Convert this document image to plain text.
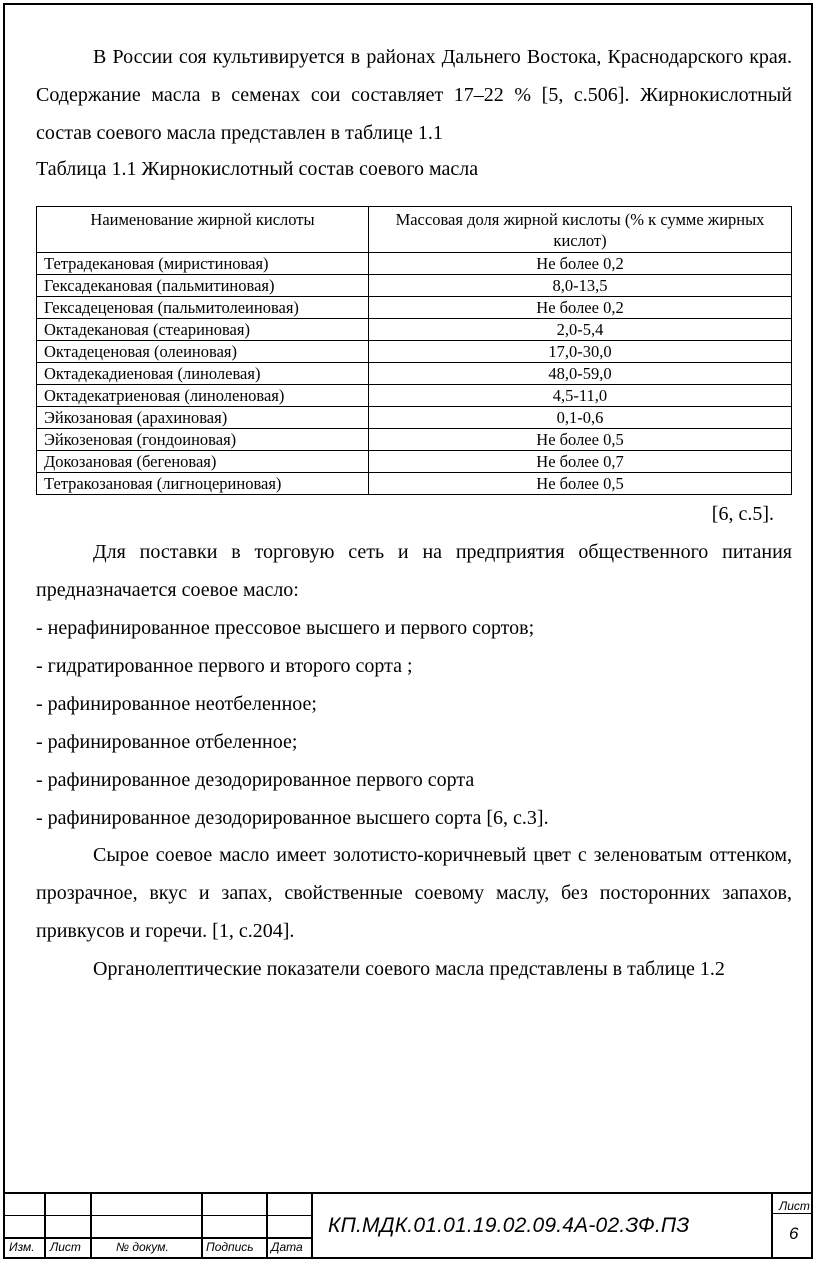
В России соя культивируется в районах Дальнего Востока, Краснодарского края. Содержание масла в семенах сои составляет 17–22 % [5, с.506]. Жирнокислотный состав соевого масла представлен в таблице 1.1

Таблица 1.1 Жирнокислотный состав соевого масла
Наименование жирной кислоты	Массовая доля жирной кислоты (% к сумме жирных кислот)
Тетрадекановая (миристиновая)	Не более 0,2
Гексадекановая (пальмитиновая)	8,0-13,5
Гексадеценовая (пальмитолеиновая)	Не более 0,2
Октадекановая (стеариновая)	2,0-5,4
Октадеценовая (олеиновая)	17,0-30,0
Октадекадиеновая (линолевая)	48,0-59,0
Октадекатриеновая (линоленовая)	4,5-11,0
Эйкозановая (арахиновая)	0,1-0,6
Эйкозеновая (гондоиновая)	Не более 0,5
Докозановая (бегеновая)	Не более 0,7
Тетракозановая (лигноцериновая)	Не более 0,5
[6, с.5].

Для поставки в торговую сеть и на предприятия общественного питания предназначается соевое масло:

- нерафинированное прессовое высшего и первого сортов;

- гидратированное первого и второго сорта ;

- рафинированное неотбеленное;

- рафинированное отбеленное;

- рафинированное дезодорированное первого сорта

- рафинированное дезодорированное высшего сорта [6, с.3].

Сырое соевое масло имеет золотисто-коричневый цвет с зеленоватым оттенком, прозрачное, вкус и запах, свойственные соевому маслу, без посторонних запахов, привкусов и горечи. [1, с.204].

Органолептические показатели соевого масла представлены в таблице 1.2

Изм. Лист	№ докум.	Подпись Дата
КП.МДК.01.01.19.02.09.4А-02.ЗФ.ПЗ
Лист
6
